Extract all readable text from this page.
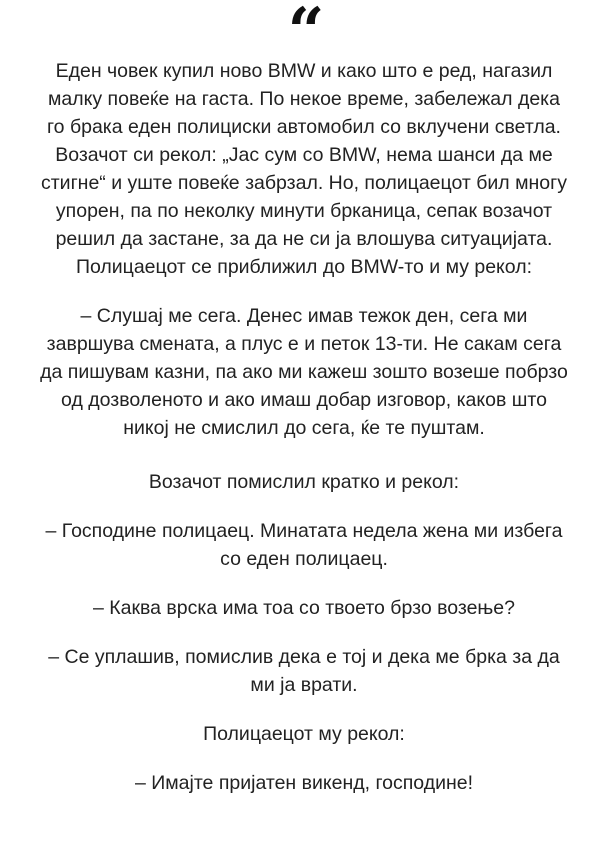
“

Еден човек купил ново BMW и како што е ред, нагазил малку повеќе на гаста. По некое време, забележал дека го брака еден полициски автомобил со вклучени светла. Возачот си рекол: „Јас сум со BMW, нема шанси да ме стигне“ и уште повеќе забрзал. Но, полицаецот бил многу упорен, па по неколку минути брканица, сепак возачот решил да застане, за да не си ја влошува ситуацијата. Полицаецот се приближил до BMW-то и му рекол:

– Слушај ме сега. Денес имав тежок ден, сега ми завршува смената, а плус е и петок 13-ти. Не сакам сега да пишувам казни, па ако ми кажеш зошто возеше побрзо од дозволеното и ако имаш добар изговор, каков што никој не смислил до сега, ќе те пуштам.

Возачот помислил кратко и рекол:

– Господине полицаец. Минатата недела жена ми избега со еден полицаец.

– Каква врска има тоа со твоето брзо возење?

– Се уплашив, помислив дека е тој и дека ме брка за да ми ја врати.

Полицаецот му рекол:

– Имајте пријатен викенд, господине!
